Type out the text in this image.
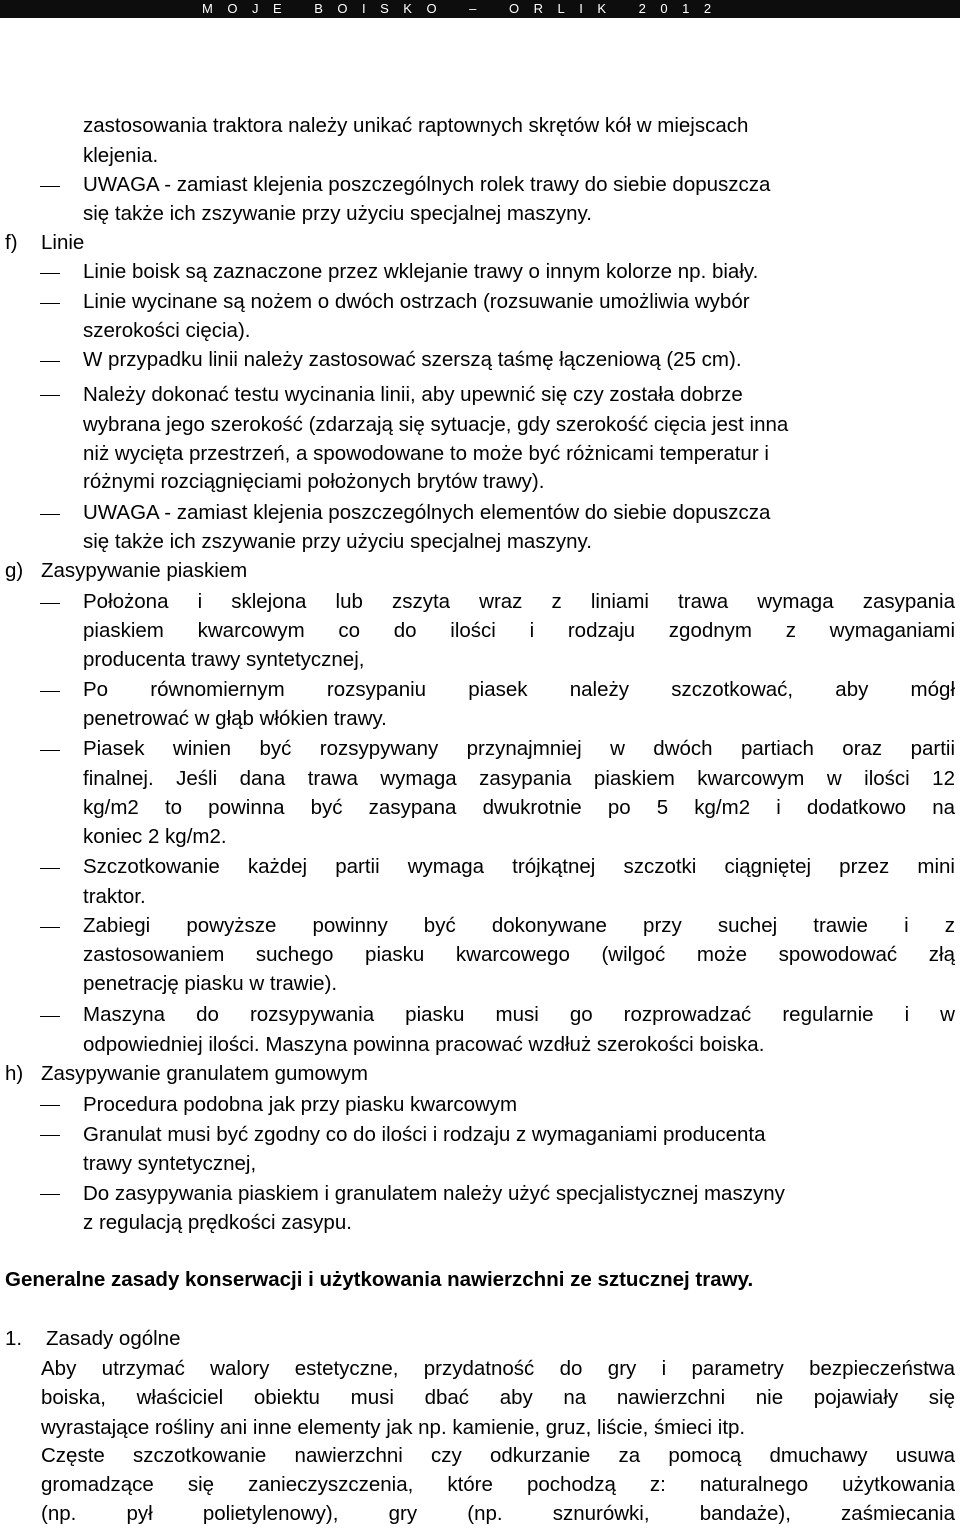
MOJE BOISKO – ORLIK 2012
zastosowania traktora należy unikać raptownych skrętów kół w miejscach
klejenia.
UWAGA - zamiast klejenia poszczególnych rolek trawy do siebie dopuszcza
się także ich zszywanie przy użyciu specjalnej maszyny.
f) Linie
Linie boisk są zaznaczone przez wklejanie trawy o innym kolorze np. biały.
Linie wycinane są nożem o dwóch ostrzach (rozsuwanie umożliwia wybór
szerokości cięcia).
W przypadku linii należy zastosować szerszą taśmę łączeniową (25 cm).
Należy dokonać testu wycinania linii, aby upewnić się czy została dobrze
wybrana jego szerokość (zdarzają się sytuacje, gdy szerokość cięcia jest inna
niż wycięta przestrzeń, a spowodowane to może być różnicami temperatur i
różnymi rozciągnięciami położonych brytów trawy).
UWAGA - zamiast klejenia poszczególnych elementów do siebie dopuszcza
się także ich zszywanie przy użyciu specjalnej maszyny.
g) Zasypywanie piaskiem
Położona i sklejona lub zszyta wraz z liniami trawa wymaga zasypania
piaskiem kwarcowym co do ilości i rodzaju zgodnym z wymaganiami
producenta trawy syntetycznej,
Po równomiernym rozsypaniu piasek należy szczotkować, aby mógł
penetrować w głąb włókien trawy.
Piasek winien być rozsypywany przynajmniej w dwóch partiach oraz partii
finalnej. Jeśli dana trawa wymaga zasypania piaskiem kwarcowym w ilości 12
kg/m2 to powinna być zasypana dwukrotnie po 5 kg/m2 i dodatkowo na
koniec 2 kg/m2.
Szczotkowanie każdej partii wymaga trójkątnej szczotki ciągniętej przez mini
traktor.
Zabiegi powyższe powinny być dokonywane przy suchej trawie i z
zastosowaniem suchego piasku kwarcowego (wilgoć może spowodować złą
penetrację piasku w trawie).
Maszyna do rozsypywania piasku musi go rozprowadzać regularnie i w
odpowiedniej ilości. Maszyna powinna pracować wzdłuż szerokości boiska.
h) Zasypywanie granulatem gumowym
Procedura podobna jak przy piasku kwarcowym
Granulat musi być zgodny co do ilości i rodzaju z wymaganiami producenta
trawy syntetycznej,
Do zasypywania piaskiem i granulatem należy użyć specjalistycznej maszyny
z regulacją prędkości zasypu.
Generalne zasady konserwacji i użytkowania nawierzchni ze sztucznej trawy.
1. Zasady ogólne
Aby utrzymać walory estetyczne, przydatność do gry i parametry bezpieczeństwa
boiska, właściciel obiektu musi dbać aby na nawierzchni nie pojawiały się
wyrastające rośliny ani inne elementy jak np. kamienie, gruz, liście, śmieci itp.
Częste szczotkowanie nawierzchni czy odkurzanie za pomocą dmuchawy usuwa
gromadzące się zanieczyszczenia, które pochodzą z: naturalnego użytkowania
(np. pył polietylenowy), gry (np. sznurówki, bandaże), zaśmiecania
